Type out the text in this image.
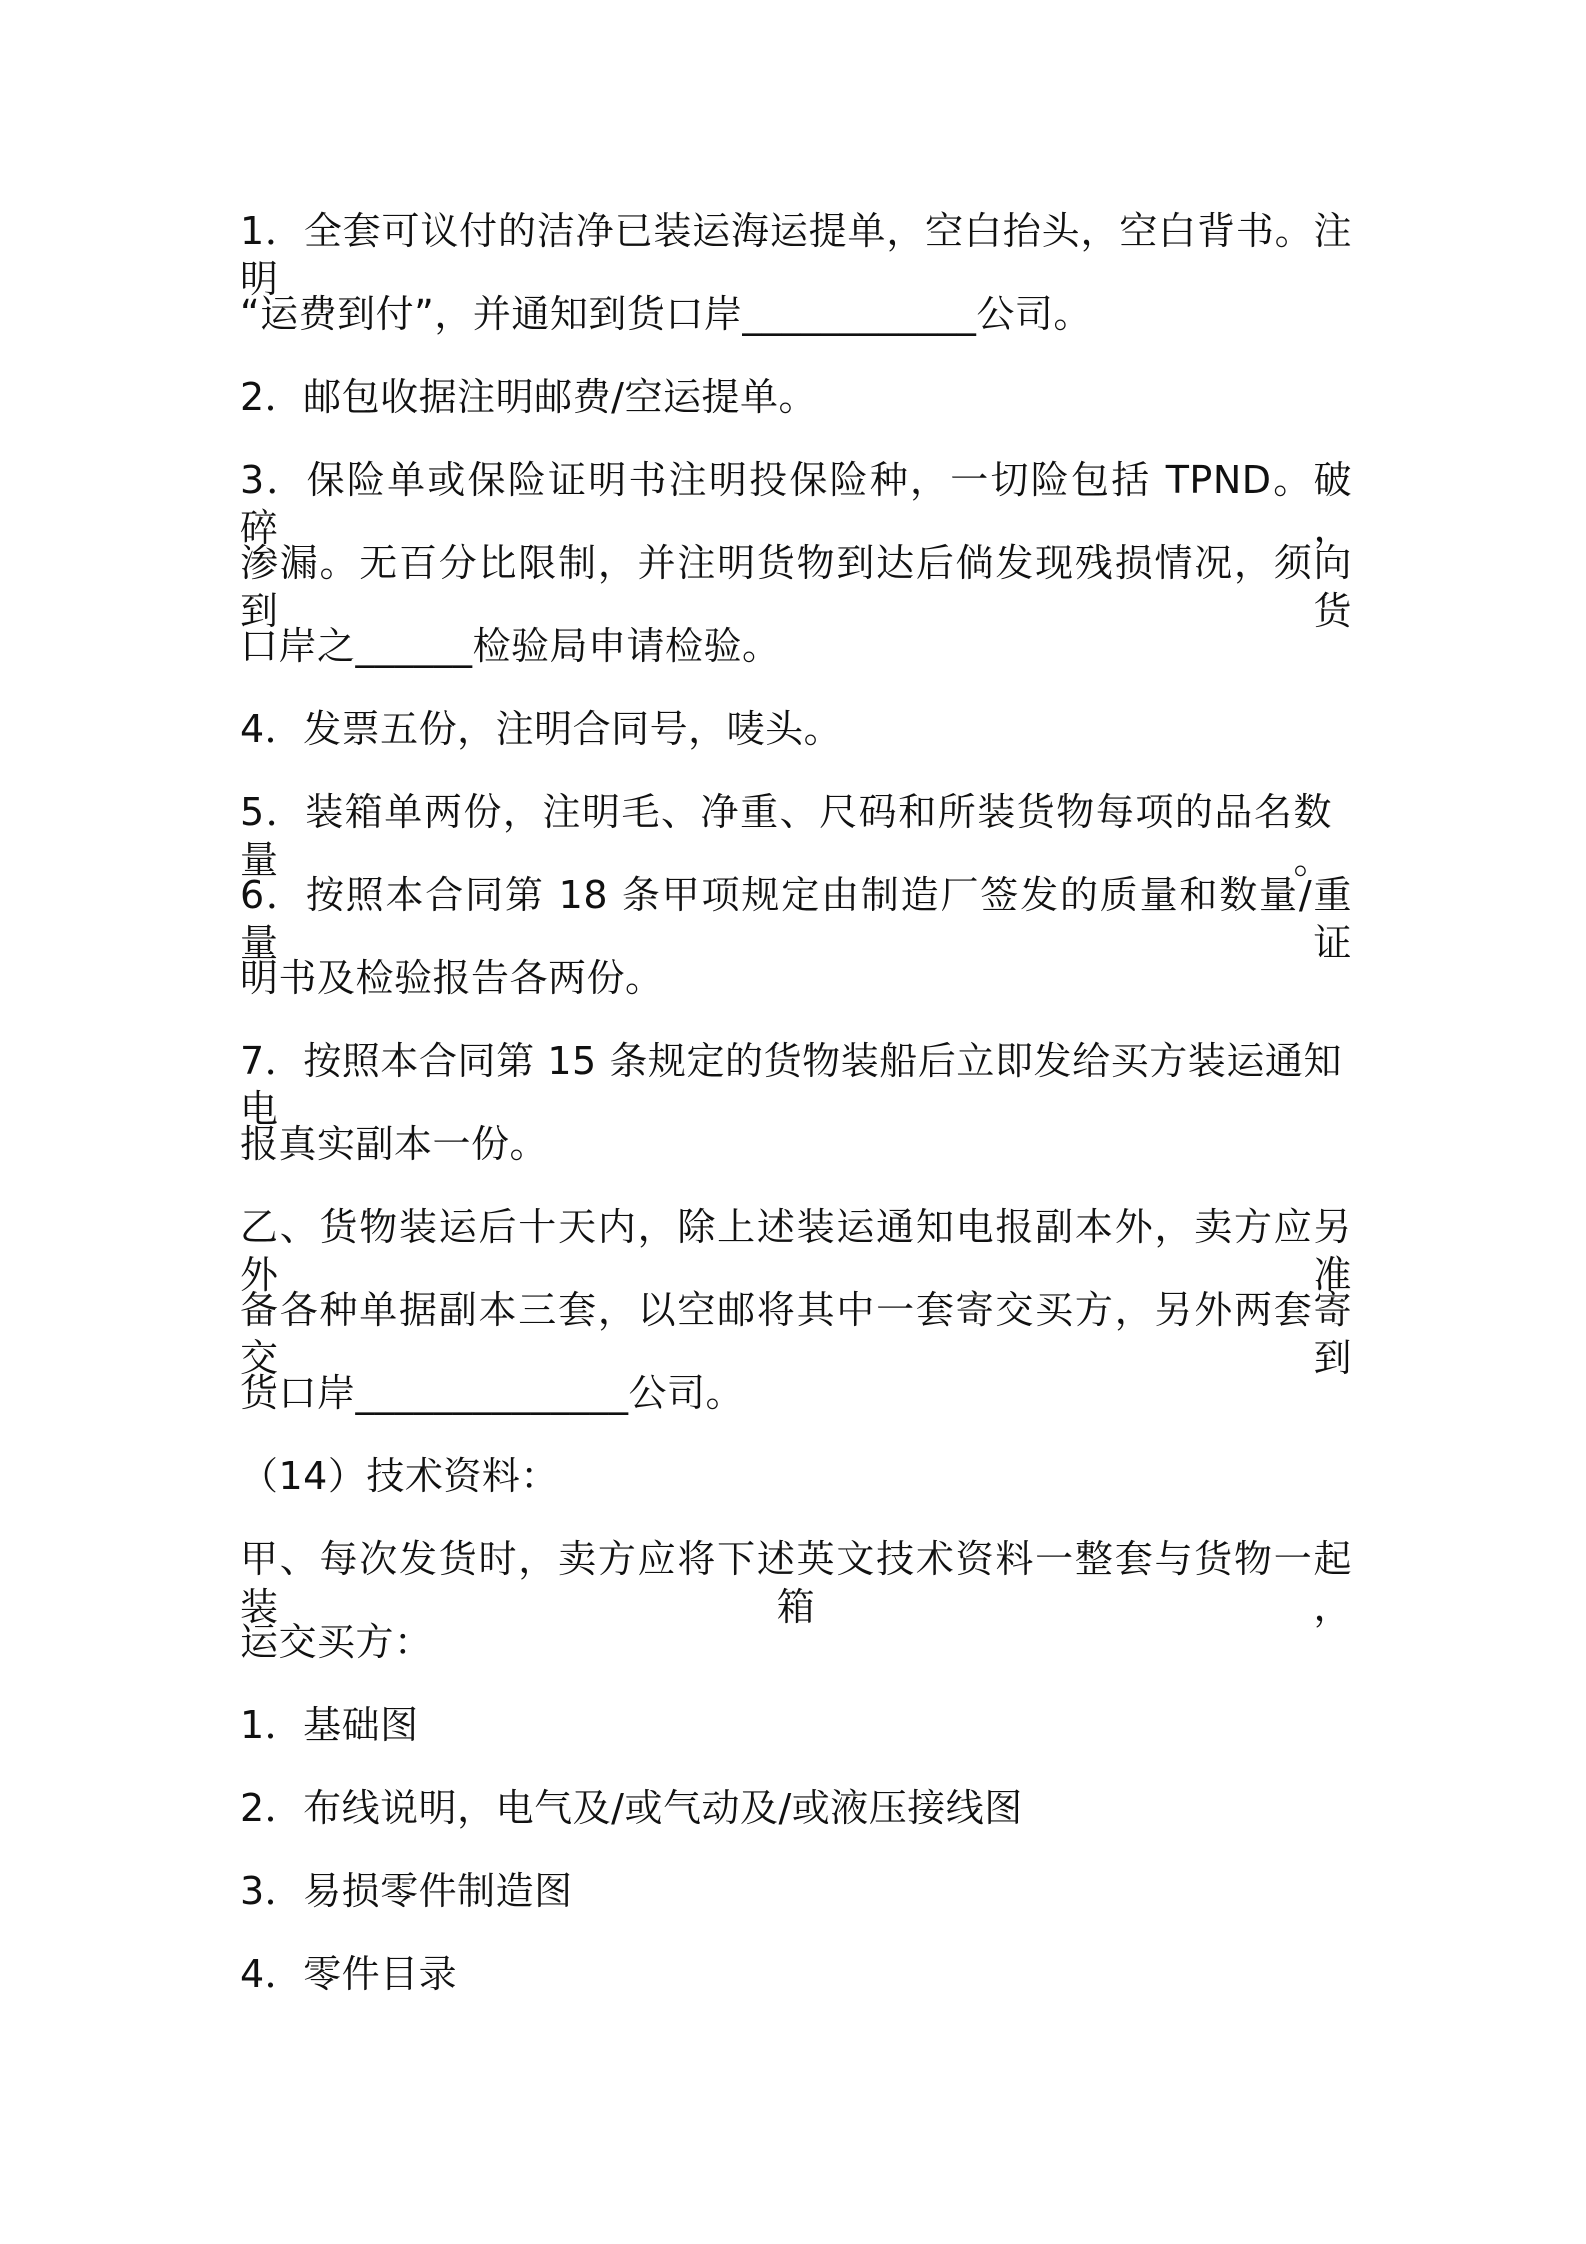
1．全套可议付的洁净已装运海运提单，空白抬头，空白背书。注明
“运费到付”，并通知到货口岸____________公司。
2．邮包收据注明邮费/空运提单。
3．保险单或保险证明书注明投保险种，一切险包括 TPND。破碎，
渗漏。无百分比限制，并注明货物到达后倘发现残损情况，须向到货
口岸之______检验局申请检验。
4．发票五份，注明合同号，唛头。
5．装箱单两份，注明毛、净重、尺码和所装货物每项的品名数量。
6．按照本合同第 18 条甲项规定由制造厂签发的质量和数量/重量证
明书及检验报告各两份。
7．按照本合同第 15 条规定的货物装船后立即发给买方装运通知电
报真实副本一份。
乙、货物装运后十天内，除上述装运通知电报副本外，卖方应另外准
备各种单据副本三套，以空邮将其中一套寄交买方，另外两套寄交到
货口岸______________公司。
（14）技术资料：
甲、每次发货时，卖方应将下述英文技术资料一整套与货物一起装箱，
运交买方：
1．基础图
2．布线说明，电气及/或气动及/或液压接线图
3．易损零件制造图
4．零件目录
